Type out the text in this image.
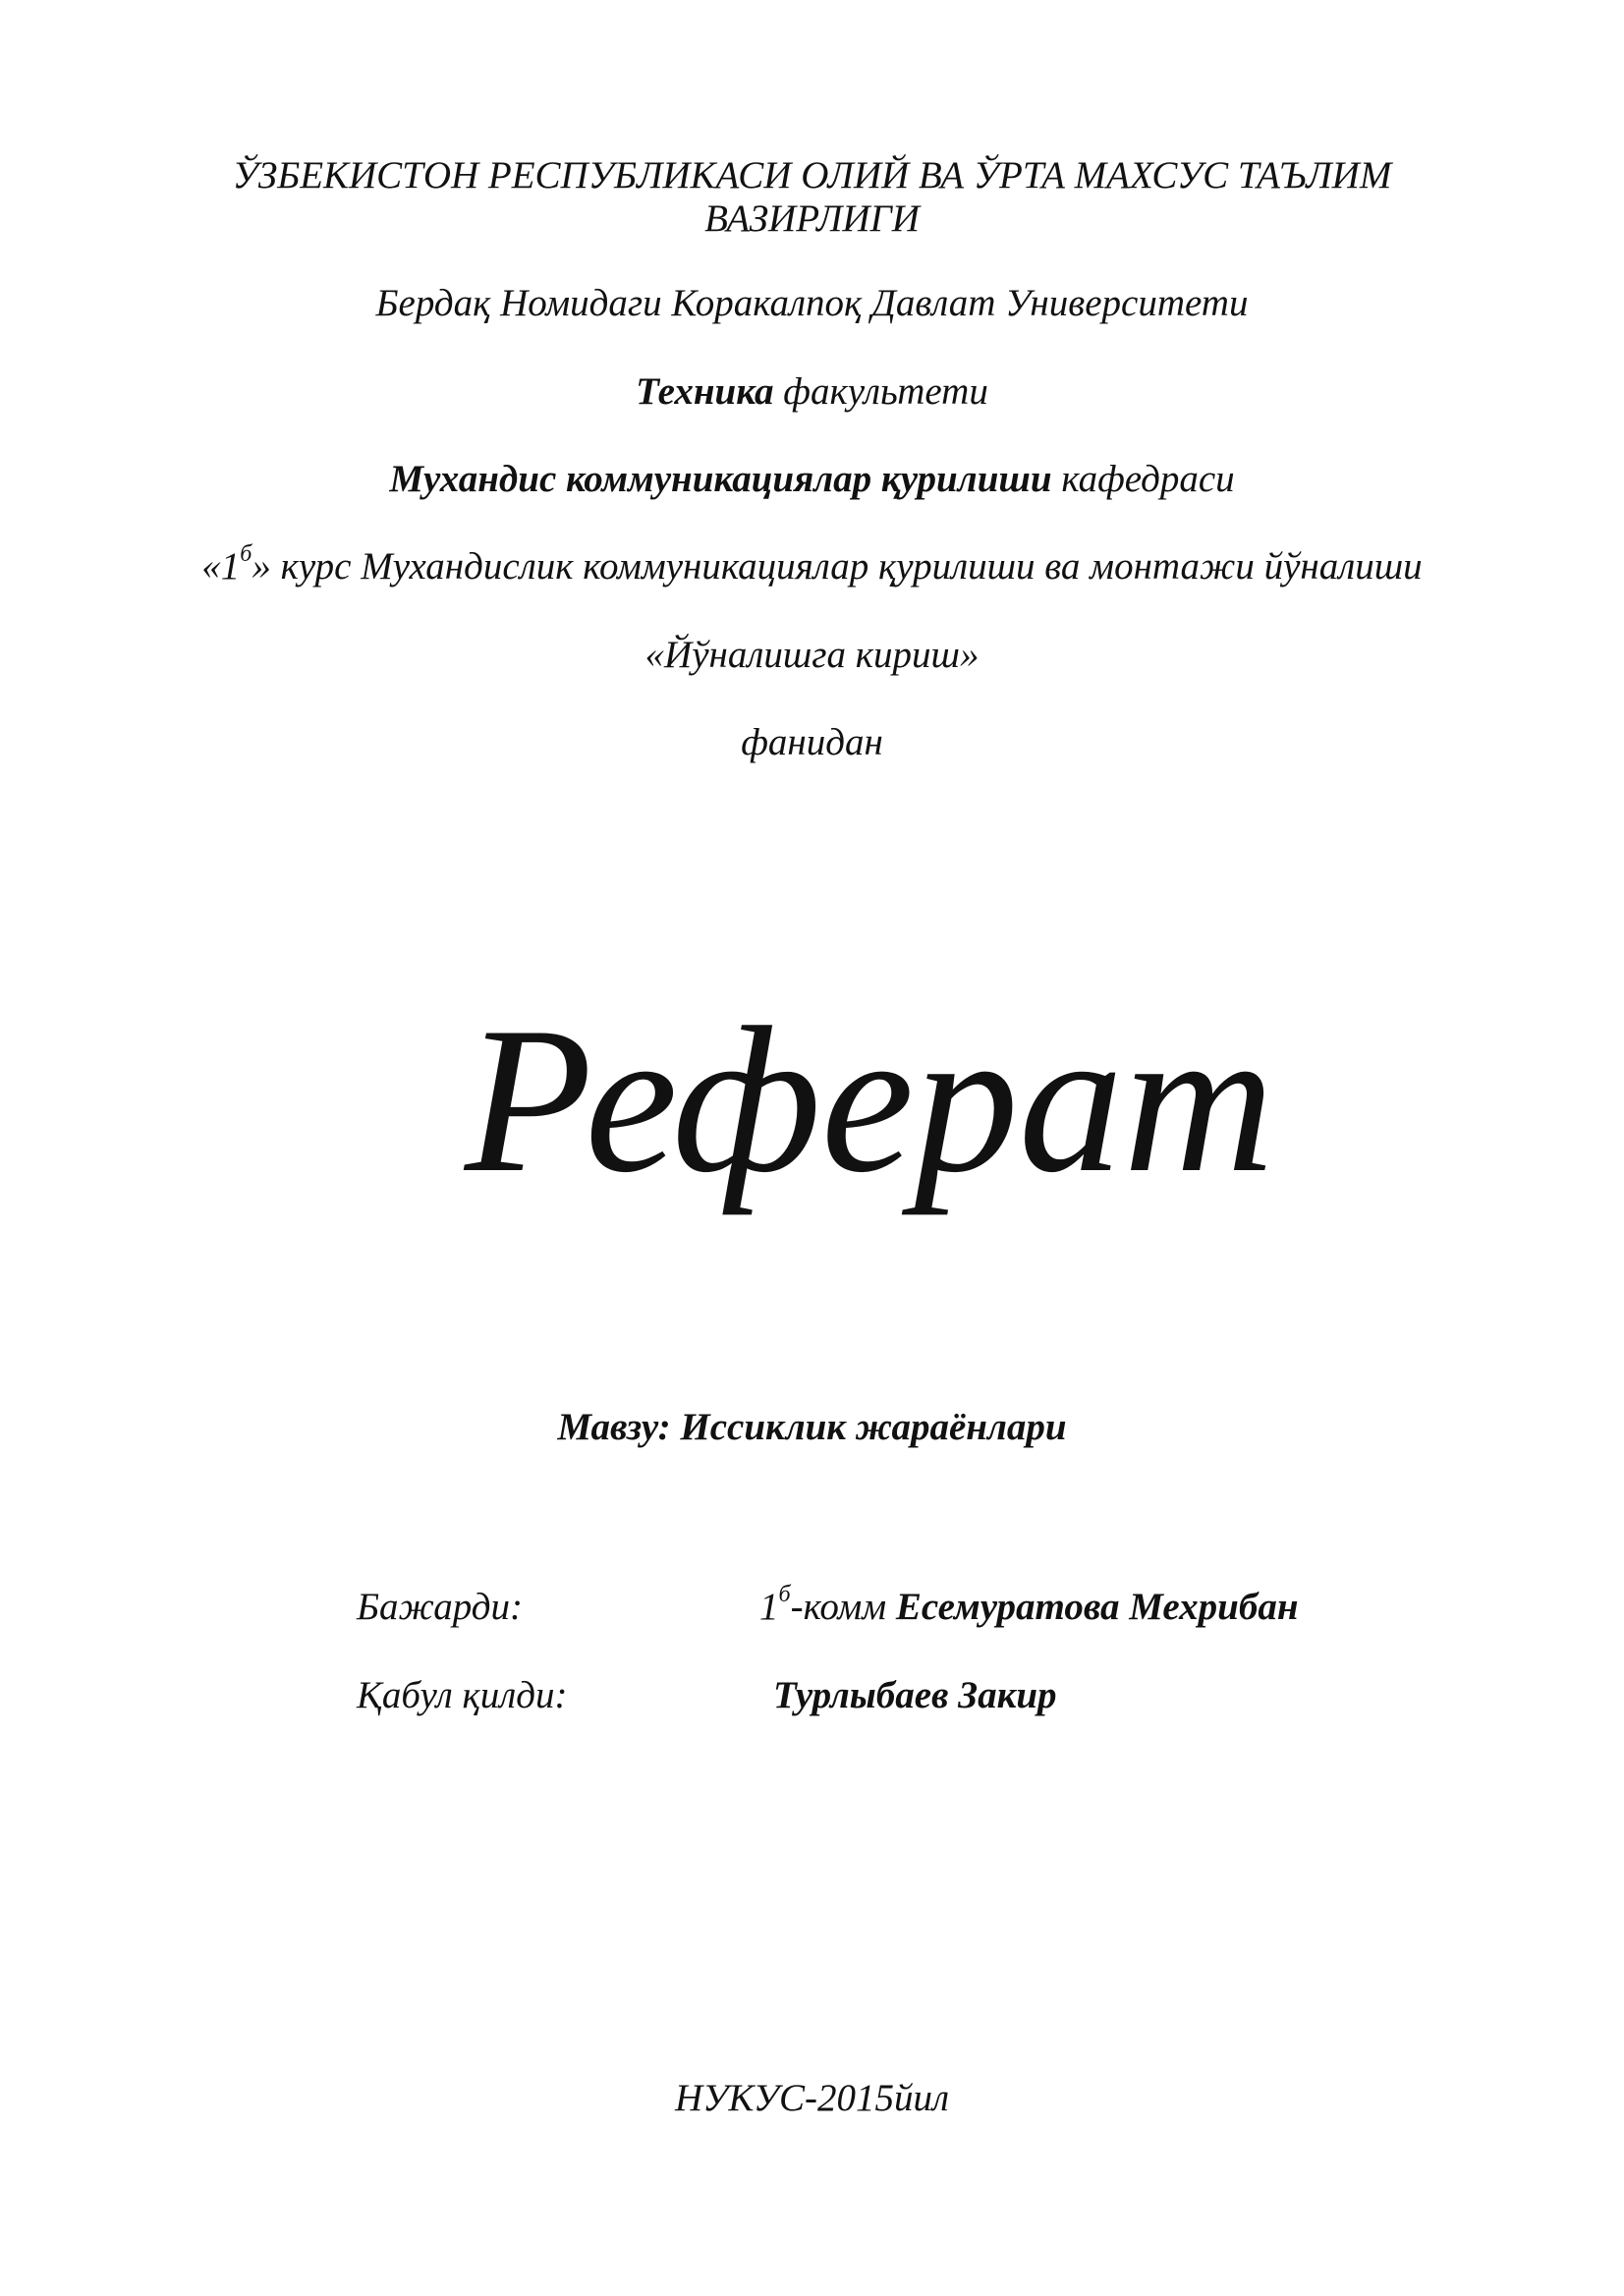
ЎЗБЕКИСТОН РЕСПУБЛИКАСИ ОЛИЙ ВА ЎРТА МАХСУС ТАЪЛИМ
ВАЗИРЛИГИ
Бердақ Номидаги Коракалпоқ Давлат Университети
Техника факультети
Мухандис коммуникациялар қурилиши кафедраси
«$1^б$» курс Мухандислик коммуникациялар қурилиши ва монтажи йўналиши
«Йўналишга кириш»
фанидан
Реферат
Мавзу: Иссиклик жараёнлари
Бажарди:	$1^б$-комм Есемуратова Мехрибан
Қабул қилди:	Турлыбаев Закир
НУКУС-2015йил
